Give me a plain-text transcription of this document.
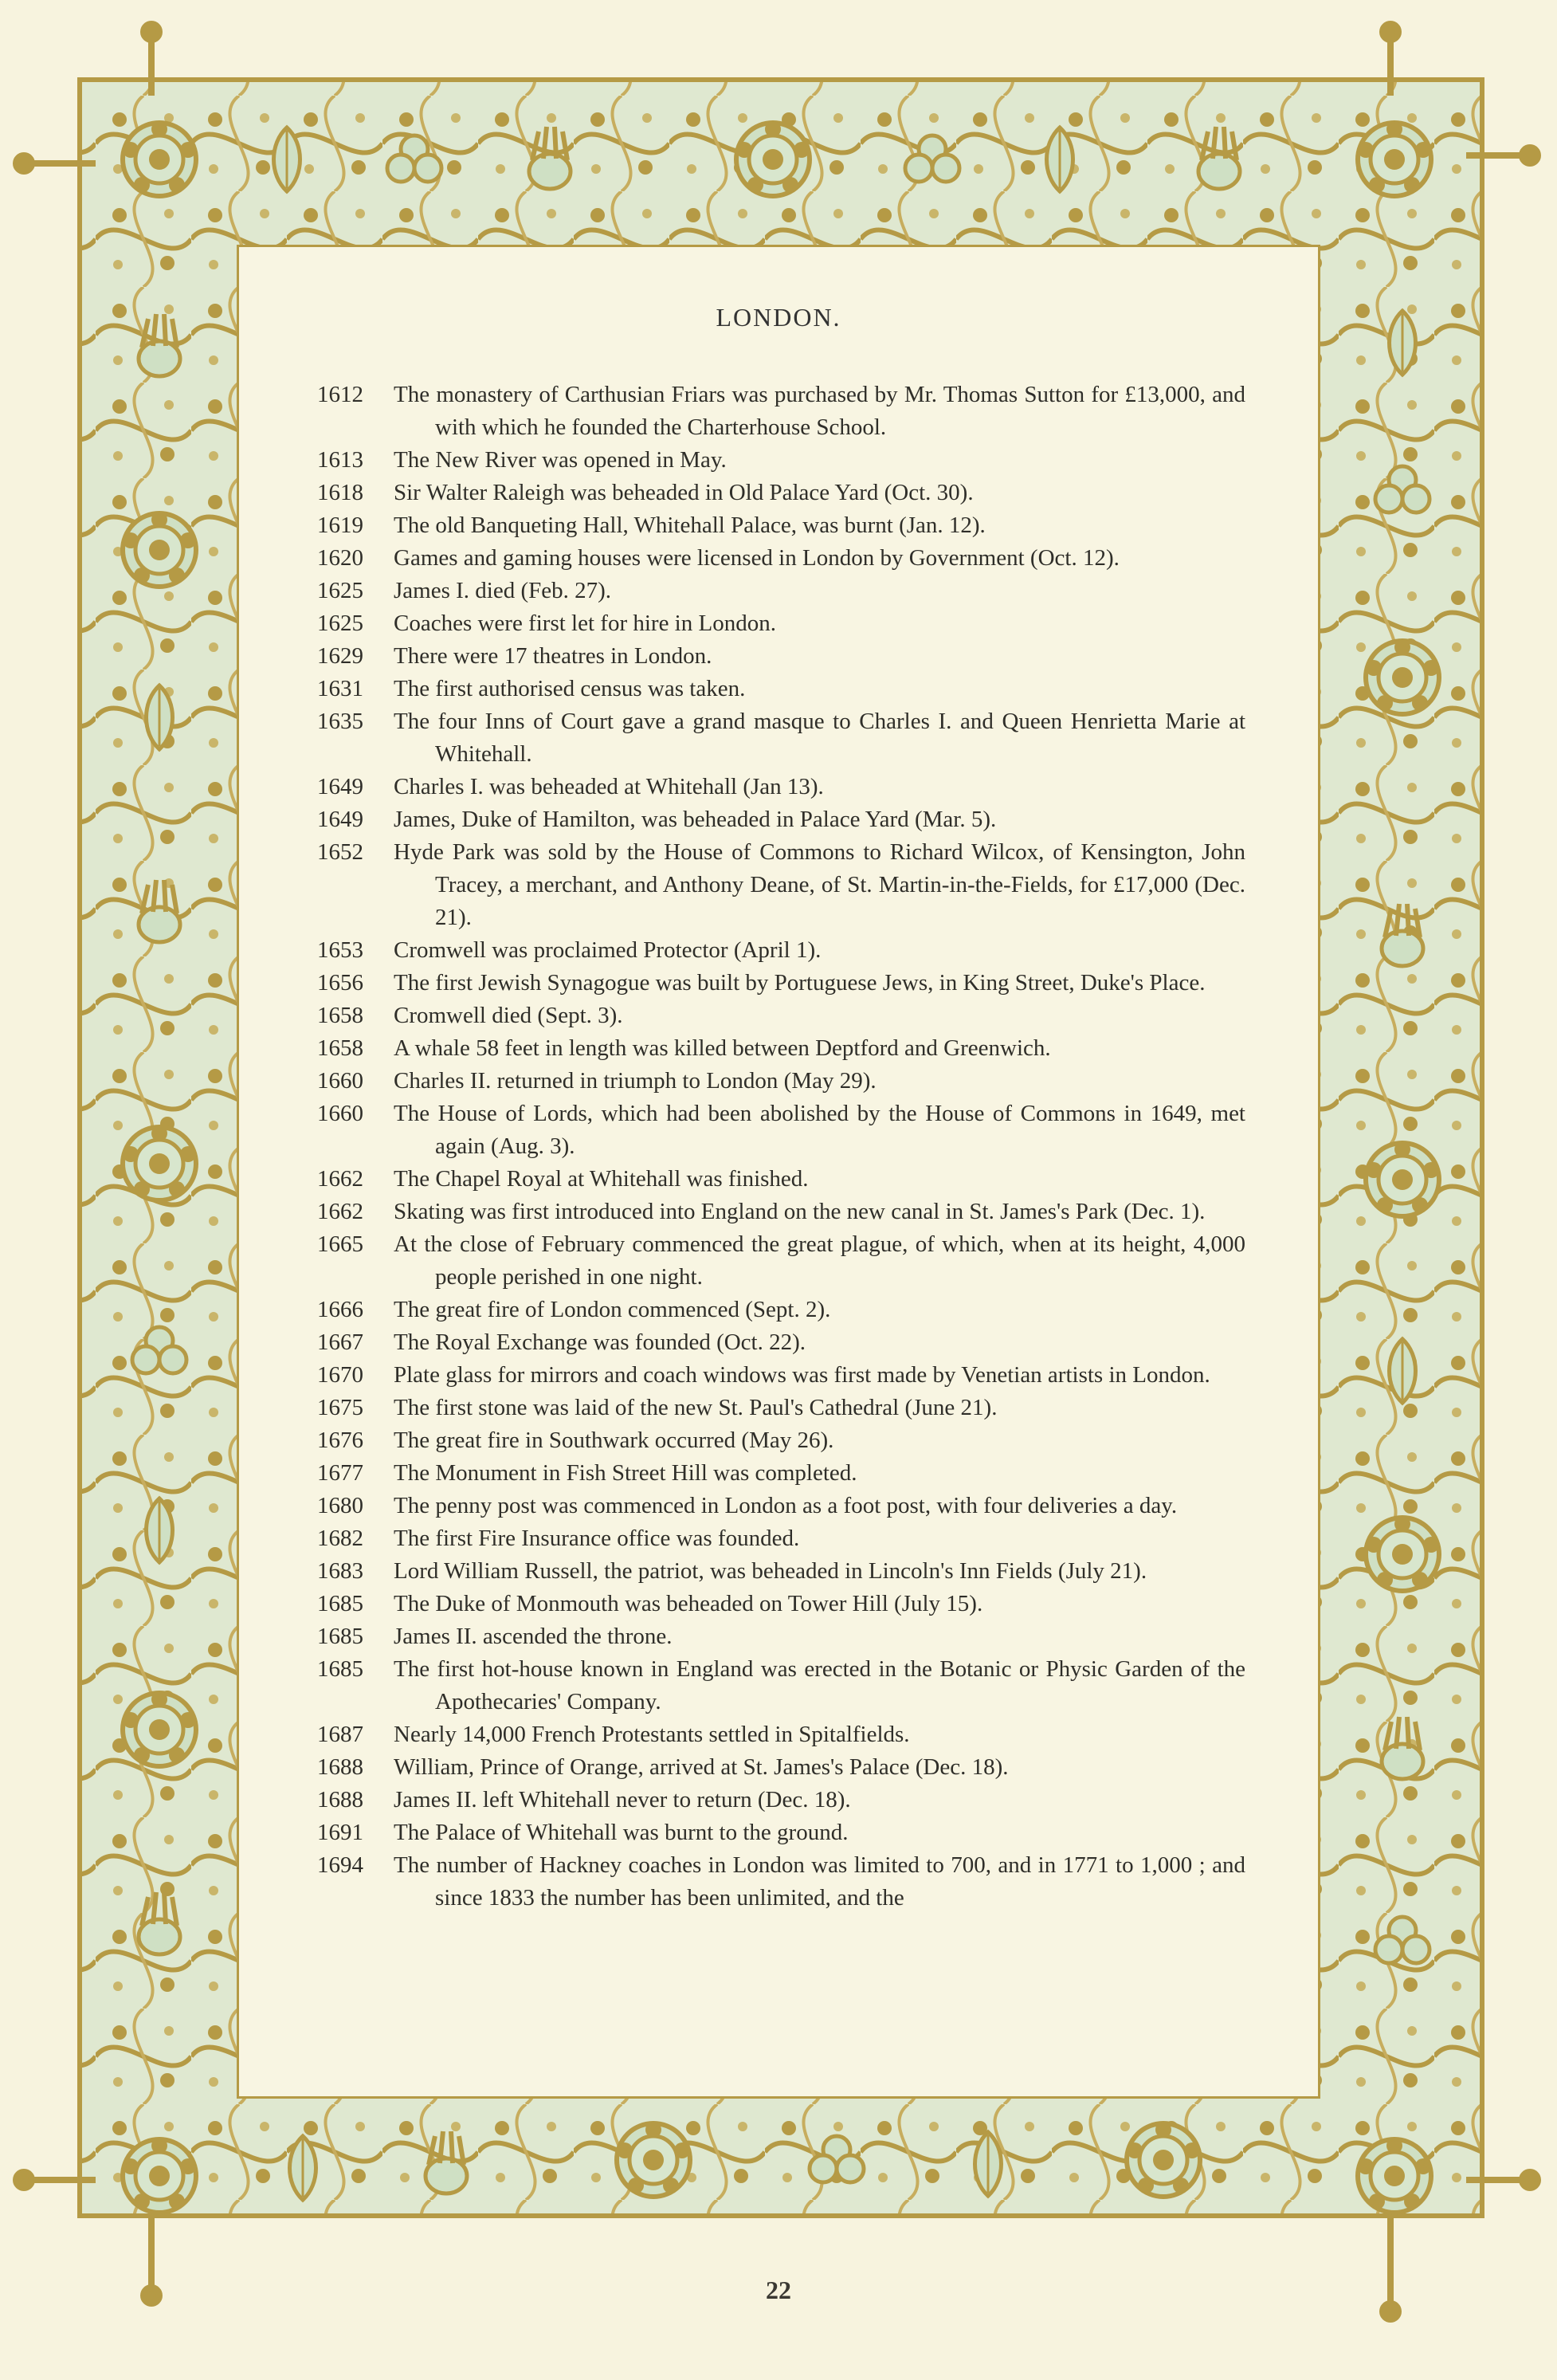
LONDON.
1612	The monastery of Carthusian Friars was purchased by Mr. Thomas Sutton for £13,000, and with which he founded the Charterhouse School.
1613	The New River was opened in May.
1618	Sir Walter Raleigh was beheaded in Old Palace Yard (Oct. 30).
1619	The old Banqueting Hall, Whitehall Palace, was burnt (Jan. 12).
1620	Games and gaming houses were licensed in London by Government (Oct. 12).
1625	James I. died (Feb. 27).
1625	Coaches were first let for hire in London.
1629	There were 17 theatres in London.
1631	The first authorised census was taken.
1635	The four Inns of Court gave a grand masque to Charles I. and Queen Henrietta Marie at Whitehall.
1649	Charles I. was beheaded at Whitehall (Jan 13).
1649	James, Duke of Hamilton, was beheaded in Palace Yard (Mar. 5).
1652	Hyde Park was sold by the House of Commons to Richard Wilcox, of Kensington, John Tracey, a merchant, and Anthony Deane, of St. Martin-in-the-Fields, for £17,000 (Dec. 21).
1653	Cromwell was proclaimed Protector (April 1).
1656	The first Jewish Synagogue was built by Portuguese Jews, in King Street, Duke's Place.
1658	Cromwell died (Sept. 3).
1658	A whale 58 feet in length was killed between Deptford and Greenwich.
1660	Charles II. returned in triumph to London (May 29).
1660	The House of Lords, which had been abolished by the House of Commons in 1649, met again (Aug. 3).
1662	The Chapel Royal at Whitehall was finished.
1662	Skating was first introduced into England on the new canal in St. James's Park (Dec. 1).
1665	At the close of February commenced the great plague, of which, when at its height, 4,000 people perished in one night.
1666	The great fire of London commenced (Sept. 2).
1667	The Royal Exchange was founded (Oct. 22).
1670	Plate glass for mirrors and coach windows was first made by Venetian artists in London.
1675	The first stone was laid of the new St. Paul's Cathedral (June 21).
1676	The great fire in Southwark occurred (May 26).
1677	The Monument in Fish Street Hill was completed.
1680	The penny post was commenced in London as a foot post, with four deliveries a day.
1682	The first Fire Insurance office was founded.
1683	Lord William Russell, the patriot, was beheaded in Lincoln's Inn Fields (July 21).
1685	The Duke of Monmouth was beheaded on Tower Hill (July 15).
1685	James II. ascended the throne.
1685	The first hot-house known in England was erected in the Botanic or Physic Garden of the Apothecaries' Company.
1687	Nearly 14,000 French Protestants settled in Spitalfields.
1688	William, Prince of Orange, arrived at St. James's Palace (Dec. 18).
1688	James II. left Whitehall never to return (Dec. 18).
1691	The Palace of Whitehall was burnt to the ground.
1694	The number of Hackney coaches in London was limited to 700, and in 1771 to 1,000 ; and since 1833 the number has been unlimited, and the
22
